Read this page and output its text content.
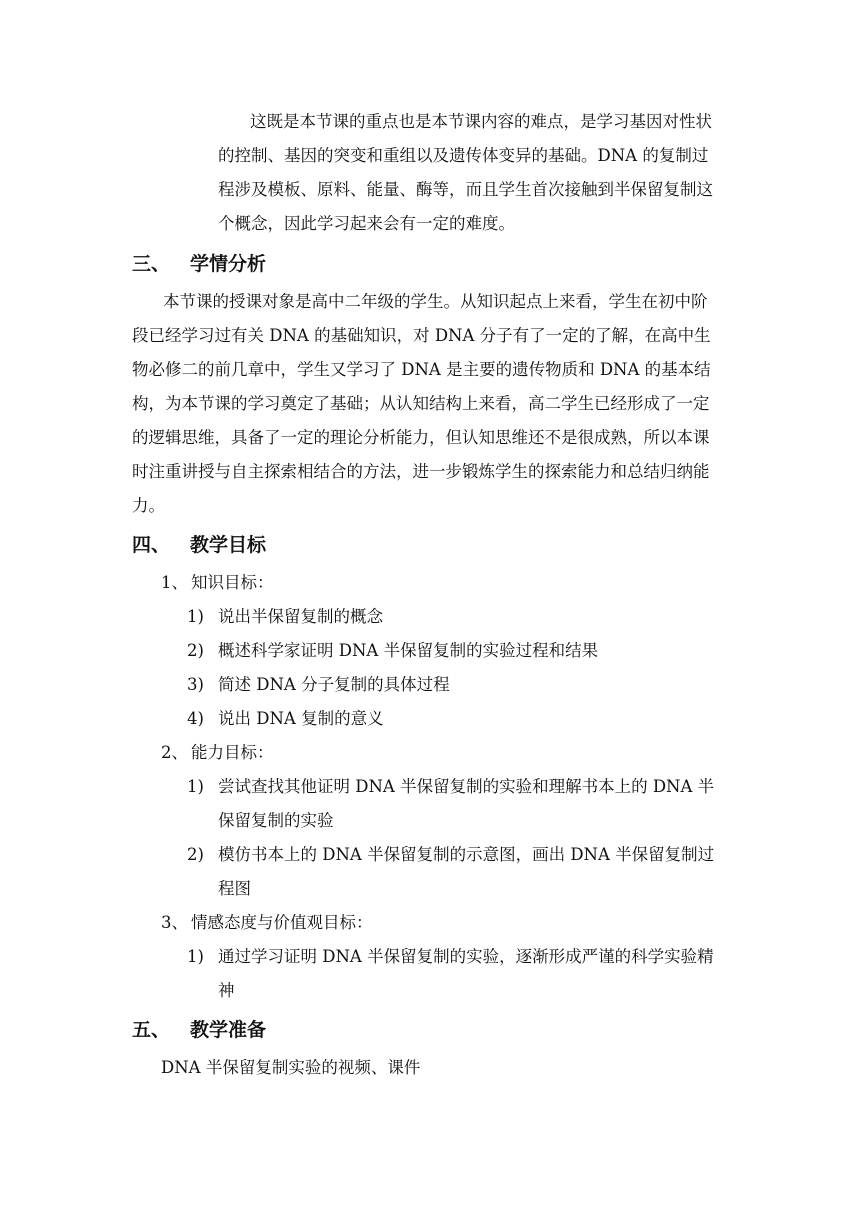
这既是本节课的重点也是本节课内容的难点，是学习基因对性状
的控制、基因的突变和重组以及遗传体变异的基础。DNA 的复制过
程涉及模板、原料、能量、酶等，而且学生首次接触到半保留复制这
个概念，因此学习起来会有一定的难度。
三、 学情分析
本节课的授课对象是高中二年级的学生。从知识起点上来看，学生在初中阶
段已经学习过有关 DNA 的基础知识，对 DNA 分子有了一定的了解，在高中生
物必修二的前几章中，学生又学习了 DNA 是主要的遗传物质和 DNA 的基本结
构，为本节课的学习奠定了基础；从认知结构上来看，高二学生已经形成了一定
的逻辑思维，具备了一定的理论分析能力，但认知思维还不是很成熟，所以本课
时注重讲授与自主探索相结合的方法，进一步锻炼学生的探索能力和总结归纳能
力。
四、 教学目标
1、 知识目标：
1) 说出半保留复制的概念
2) 概述科学家证明 DNA 半保留复制的实验过程和结果
3) 简述 DNA 分子复制的具体过程
4) 说出 DNA 复制的意义
2、 能力目标：
1) 尝试查找其他证明 DNA 半保留复制的实验和理解书本上的 DNA 半
保留复制的实验
2) 模仿书本上的 DNA 半保留复制的示意图，画出 DNA 半保留复制过
程图
3、 情感态度与价值观目标：
1) 通过学习证明 DNA 半保留复制的实验，逐渐形成严谨的科学实验精
神
五、 教学准备
DNA 半保留复制实验的视频、课件
